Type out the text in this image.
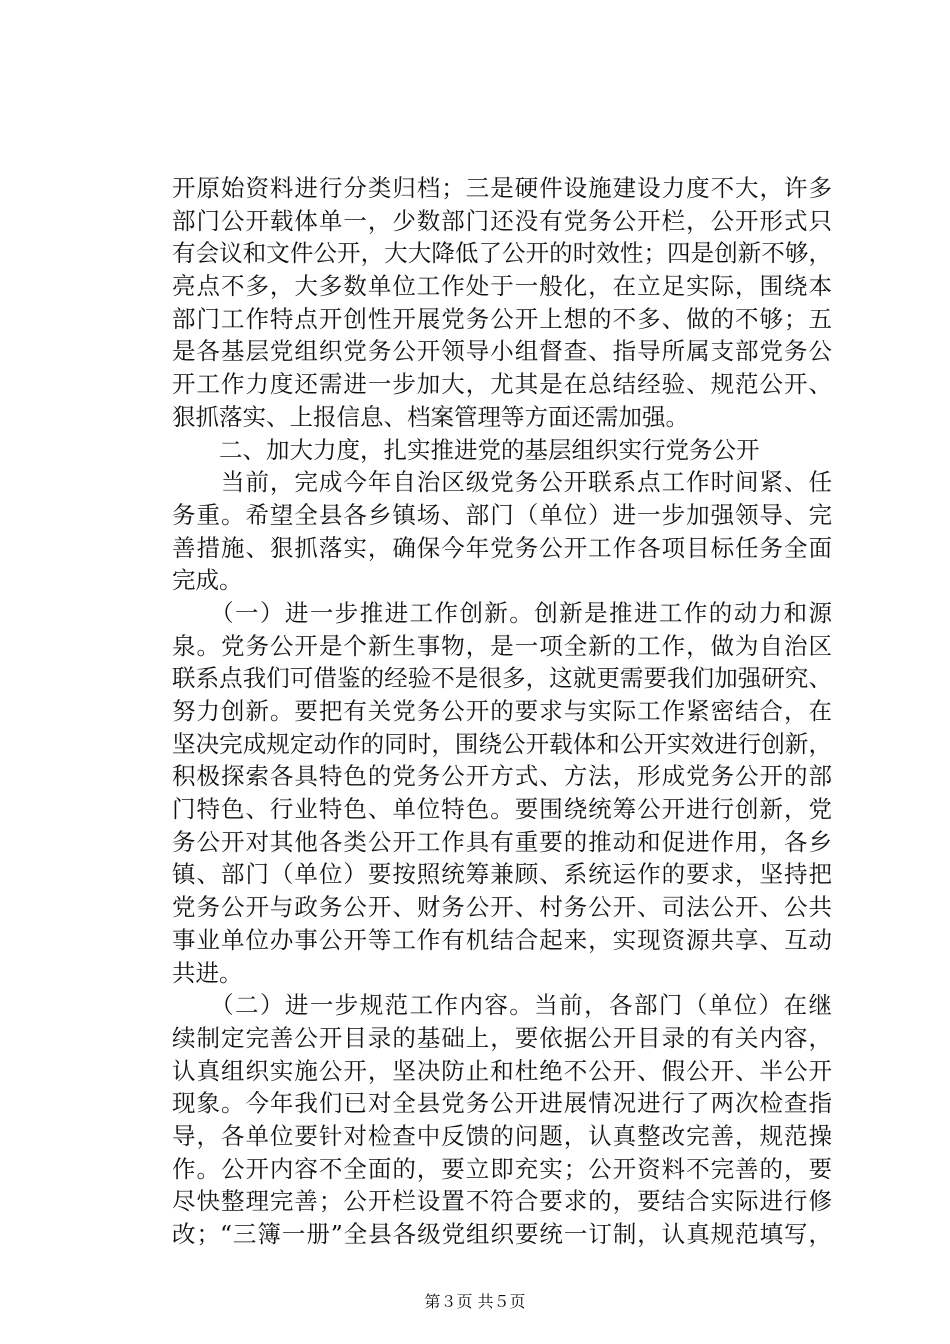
开原始资料进行分类归档；三是硬件设施建设力度不大，许多
部门公开载体单一，少数部门还没有党务公开栏，公开形式只
有会议和文件公开，大大降低了公开的时效性；四是创新不够，
亮点不多，大多数单位工作处于一般化，在立足实际，围绕本
部门工作特点开创性开展党务公开上想的不多、做的不够；五
是各基层党组织党务公开领导小组督查、指导所属支部党务公
开工作力度还需进一步加大，尤其是在总结经验、规范公开、
狠抓落实、上报信息、档案管理等方面还需加强。
　　二、加大力度，扎实推进党的基层组织实行党务公开
　　当前，完成今年自治区级党务公开联系点工作时间紧、任
务重。希望全县各乡镇场、部门（单位）进一步加强领导、完
善措施、狠抓落实，确保今年党务公开工作各项目标任务全面
完成。
　　（一）进一步推进工作创新。创新是推进工作的动力和源
泉。党务公开是个新生事物，是一项全新的工作，做为自治区
联系点我们可借鉴的经验不是很多，这就更需要我们加强研究、
努力创新。要把有关党务公开的要求与实际工作紧密结合，在
坚决完成规定动作的同时，围绕公开载体和公开实效进行创新，
积极探索各具特色的党务公开方式、方法，形成党务公开的部
门特色、行业特色、单位特色。要围绕统筹公开进行创新，党
务公开对其他各类公开工作具有重要的推动和促进作用，各乡
镇、部门（单位）要按照统筹兼顾、系统运作的要求，坚持把
党务公开与政务公开、财务公开、村务公开、司法公开、公共
事业单位办事公开等工作有机结合起来，实现资源共享、互动
共进。
　　（二）进一步规范工作内容。当前，各部门（单位）在继
续制定完善公开目录的基础上，要依据公开目录的有关内容，
认真组织实施公开，坚决防止和杜绝不公开、假公开、半公开
现象。今年我们已对全县党务公开进展情况进行了两次检查指
导，各单位要针对检查中反馈的问题，认真整改完善，规范操
作。公开内容不全面的，要立即充实；公开资料不完善的，要
尽快整理完善；公开栏设置不符合要求的，要结合实际进行修
改；“三簿一册”全县各级党组织要统一订制，认真规范填写，
第３页 共５页
